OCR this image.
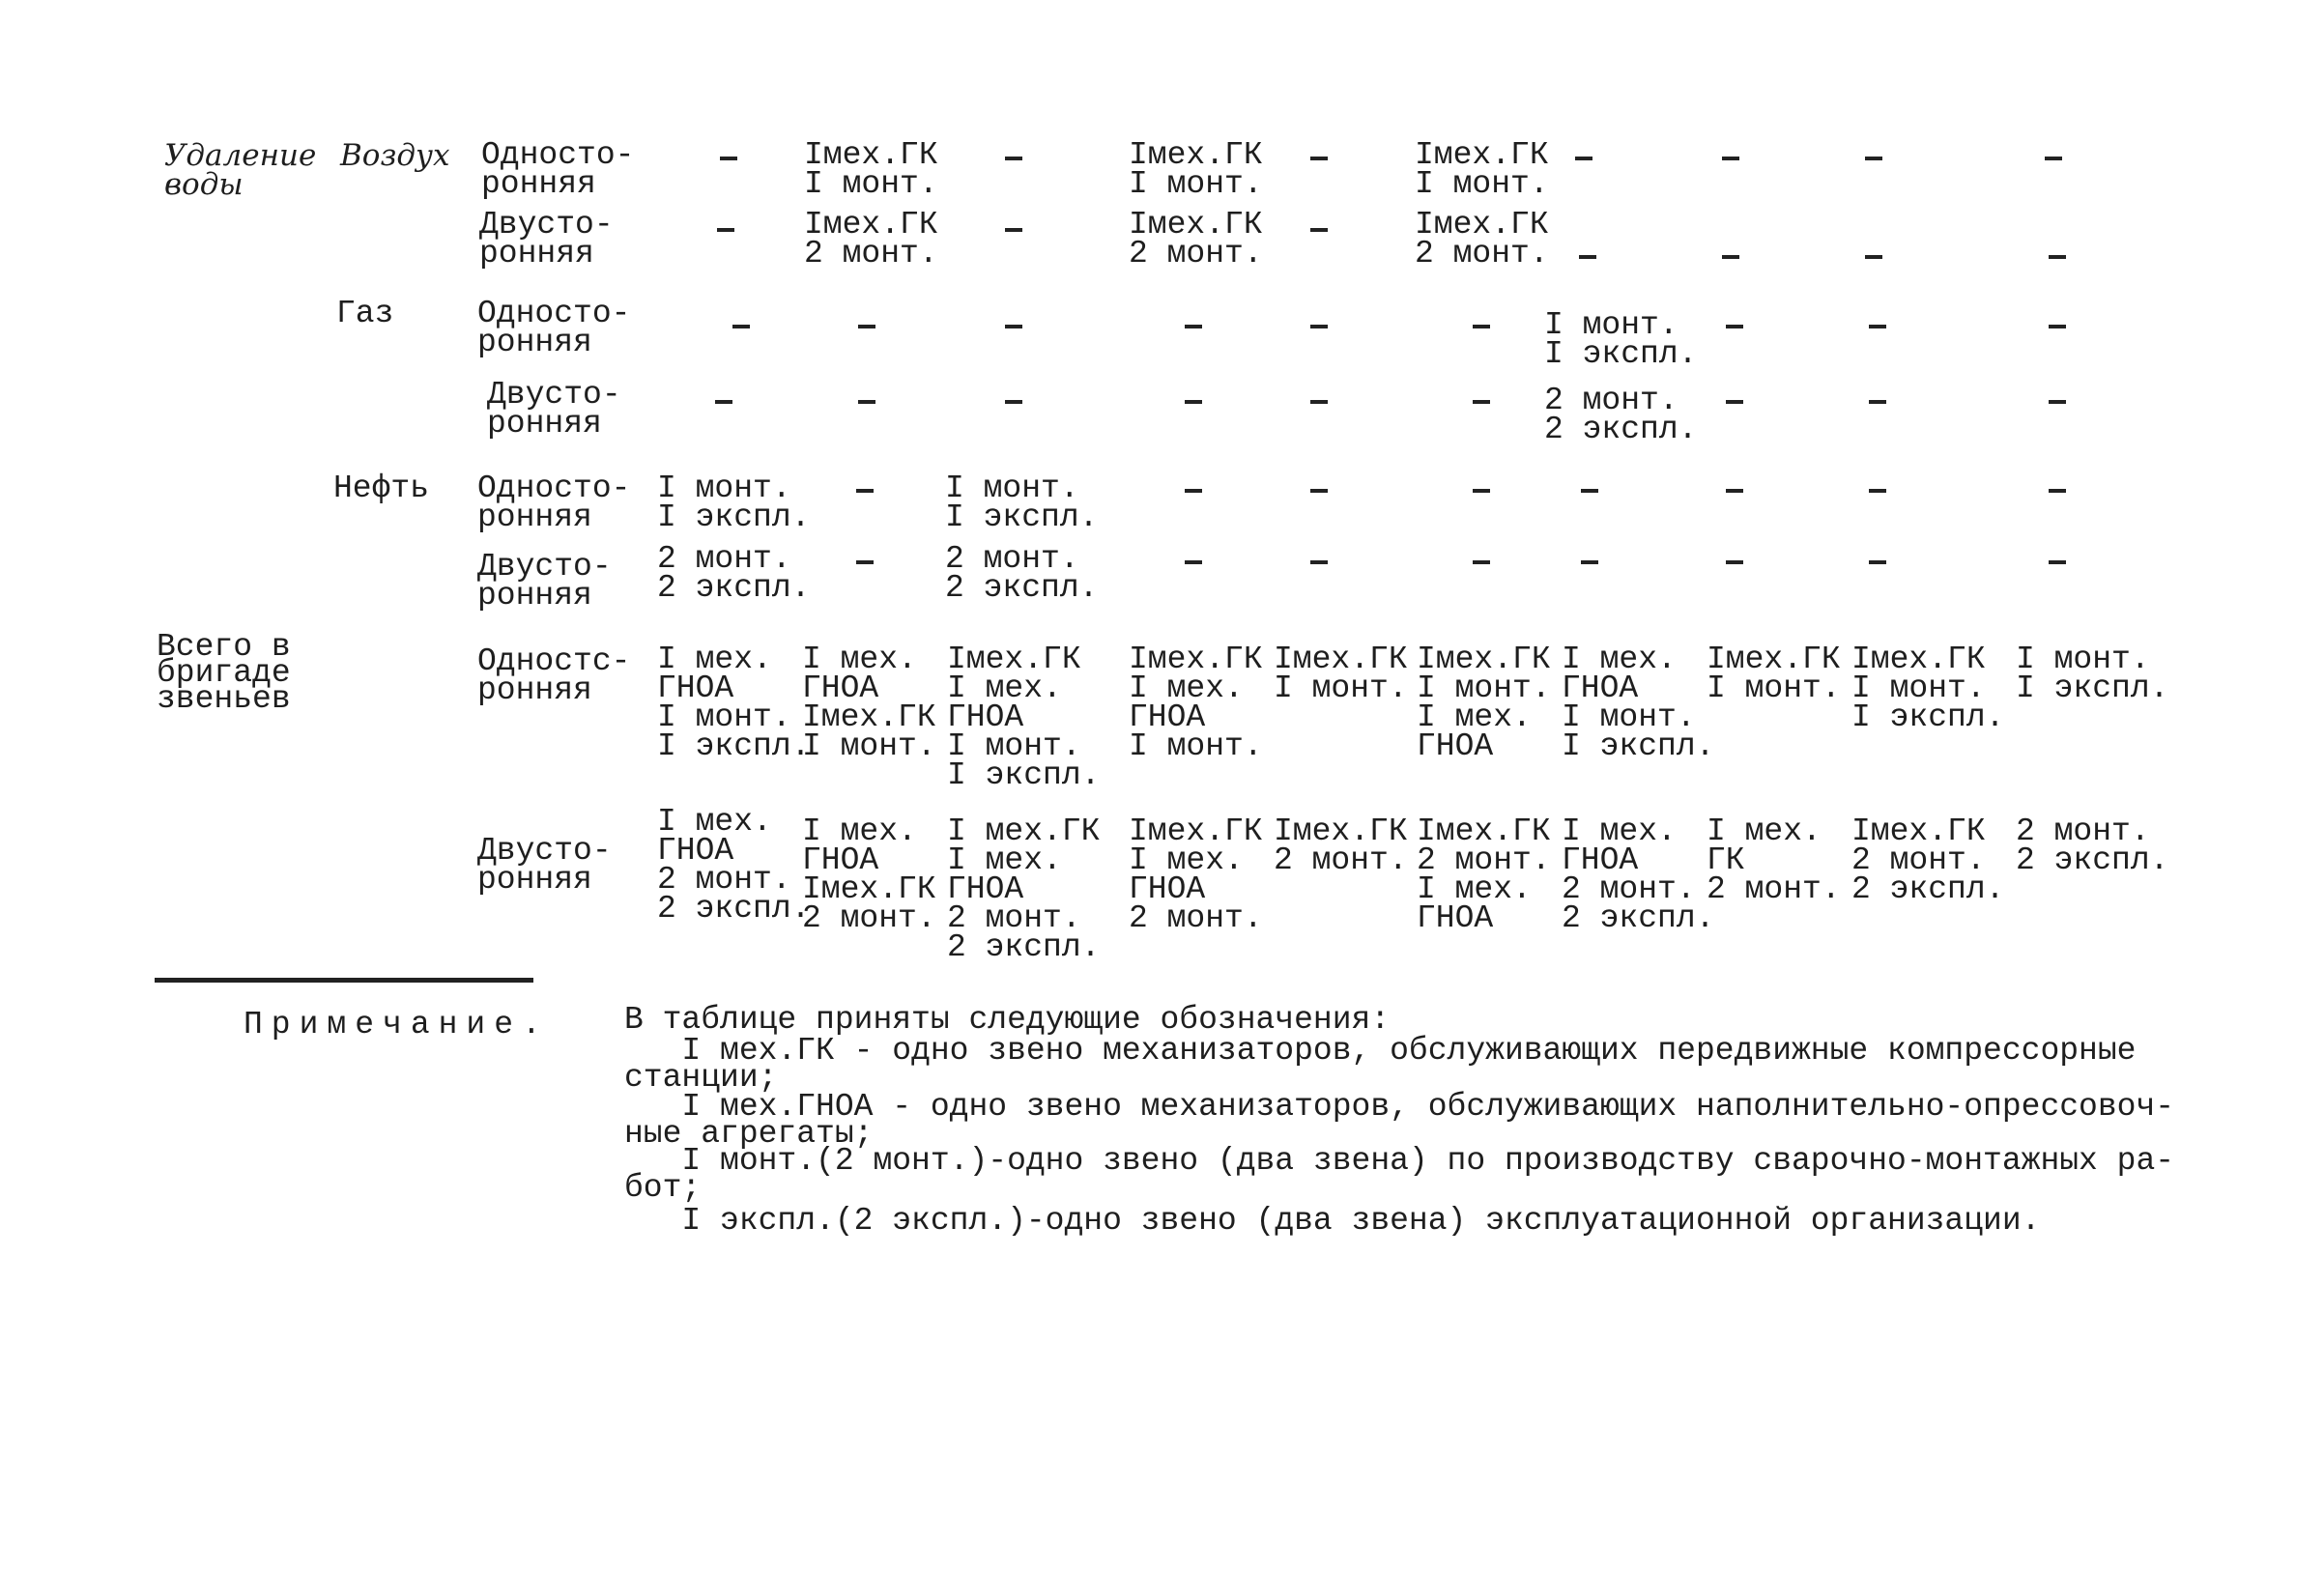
Удаление
воды
Воздух
Газ
Нефть
Всего в
бригаде
звеньев
Односто-
ронняя
Двусто-
ронняя
Односто-
ронняя
Двусто-
ронняя
Односто-
ронняя
Двусто-
ронняя
Одностс-
ронняя
Двусто-
ронняя
Iмех.ГК
I монт.
Iмех.ГК
I монт.
Iмех.ГК
I монт.
Iмех.ГК
2 монт.
Iмех.ГК
2 монт.
Iмех.ГК
2 монт.
I монт.
I экспл.
2 монт.
2 экспл.
I монт.
I экспл.
I монт.
I экспл.
2 монт.
2 экспл.
2 монт.
2 экспл.
I мех.
ГНОА
I монт.
I экспл.
I мех.
ГНОА
Iмех.ГК
I монт.
Iмех.ГК
I мех.
ГНОА
I монт.
I экспл.
Iмех.ГК
I мех.
ГНОА
I монт.
Iмех.ГК
I монт.
Iмех.ГК
I монт.
I мех.
ГНОА
I мех.
ГНОА
I монт.
I экспл.
Iмех.ГК
I монт.
Iмех.ГК
I монт.
I экспл.
I монт.
I экспл.
I мех.
ГНОА
2 монт.
2 экспл.
I мех.
ГНОА
Iмех.ГК
2 монт.
I мех.ГК
I мех.
ГНОА
2 монт.
2 экспл.
Iмех.ГК
I мех.
ГНОА
2 монт.
Iмех.ГК
2 монт.
Iмех.ГК
2 монт.
I мех.
ГНОА
I мех.
ГНОА
2 монт.
2 экспл.
I мех.
ГК
2 монт.
Iмех.ГК
2 монт.
2 экспл.
2 монт.
2 экспл.
Примечание. В таблице приняты следующие обозначения:
I мех.ГК - одно звено механизаторов, обслуживающих передвижные компрессорные
станции;
I мех.ГНОА - одно звено механизаторов, обслуживающих наполнительно-опрессовоч-
ные агрегаты;
I монт.(2 монт.)-одно звено (два звена) по производству сварочно-монтажных ра-
бот;
I экспл.(2 экспл.)-одно звено (два звена) эксплуатационной организации.
